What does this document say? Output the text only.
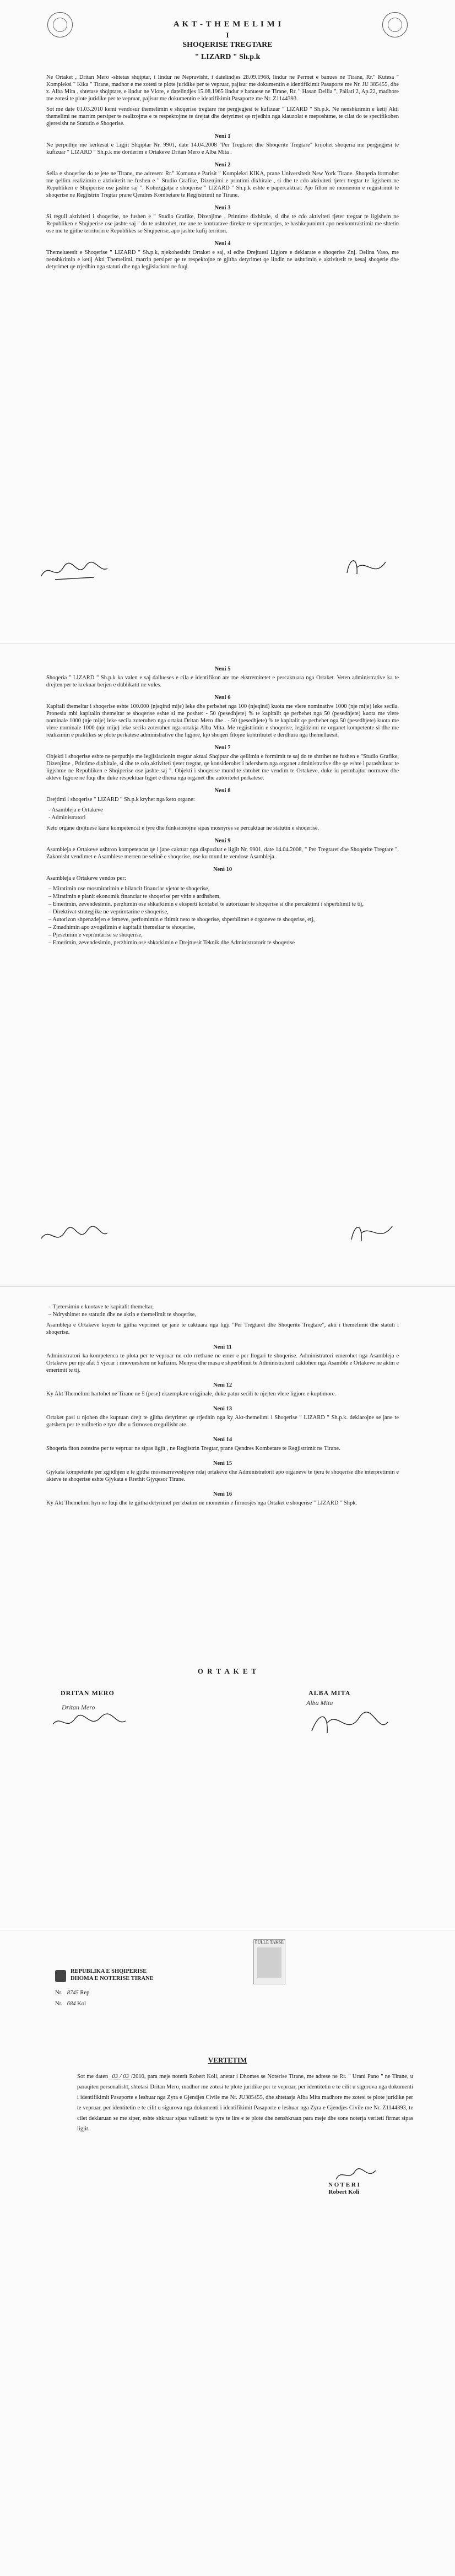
A K T - T H E M E L I M I
I
SHOQERISE TREGTARE
" LIZARD " Sh.p.k

Ne Ortaket , Dritan Mero -shtetas shqiptar, i lindur ne Nepravisht, i datelindjes 28.09.1968, lindur ne Permet e banues ne Tirane, Rr." Kutesa " Kompleksi " Kika " Tirane, madhor e me zotesi te plote juridike per te vepruar, pajisur me dokumentin e identifikimit Pasaporte me Nr. JU 385455, dhe z. Alba Mita , shtetase shqiptare, e lindur ne Vlore, e datelindjes 15.08.1965 lindur e banuese ne Tirane, Rr. " Hasan Dellia ", Pallati 2, Ap.22, madhore me zotesi te plote juridike per te vepruar, pajisur me dokumentin e identifikimit Pasaporte me Nr. Z1144393.

Sot me date 01.03.2010 kemi vendosur themelimin e shoqerise tregtare me pergjegjesi te kufizuar " LIZARD " Sh.p.k. Ne nenshkrimin e ketij Akti themelimi ne marrim persiper te realizojme e te respektojme te drejtat dhe detyrimet qe rrjedhin nga klauzolat e meposhtme, te cilat do te specifikohen gjeresisht ne Statutin e Shoqerise.

Neni 1

Ne perputhje me kerkesat e Ligjit Shqiptar Nr. 9901, date 14.04.2008 "Per Tregtaret dhe Shoqerite Tregtare" krijohet shoqeria me pergjegjesi te kufizuar " LIZARD " Sh.p.k me dorderim e Ortakeve Dritan Mero e Alba Mita .

Neni 2

Selia e shoqerise do te jete ne Tirane, me adresen: Rr." Komuna e Parisit " Kompleksi KIKA, prane Universitetit New York Tirane. Shoqeria formohet me qellim realizimin e aktivitetit ne fushen e " Studio Grafike, Dizenjimi e printimi dixhitale , si dhe te cdo aktiviteti tjeter tregtar te ligjshem ne Republiken e Shqiperise ose jashte saj ". Kohezgjatja e shoqerise " LIZARD " Sh.p.k eshte e papercaktuar. Ajo fillon ne momentin e regjistrimit te shoqerise ne Regjistrin Tregtar prane Qendres Kombetare te Regjistrimit ne Tirane.

Neni 3

Si regull aktiviteti i shoqerise, ne fushen e " Studio Grafike, Dizenjime , Printime dixhitale, si dhe te cdo aktiviteti tjeter tregtar te ligjshem ne Republiken e Shqiperise ose jashte saj " do te ushtrohet, me ane te kontratave direkte te sipermarrjes, te bashkepunimit apo nenkontraktimit me shtetin ose me te gjithe territorin e Republikes se Shqiperise, apo jashte kufij territori.

Neni 4

Themelueesit e Shoqerise " LIZARD " Sh.p.k, njekohesisht Ortaket e saj, si edhe Drejtuesi Ligjore e deklarate e shoqerise Znj. Delina Vaso, me nenshkrimin e ketij Akti Themelimi, marrin persiper qe te respektojne te gjitha detyrimet qe lindin ne ushtrimin e aktivitetit te kesaj shoqerie dhe detyrimet qe rrjedhin nga statuti dhe nga legjislacioni ne fuqi.

Neni 5

Shoqeria " LIZARD " Sh.p.k ka valen e saj dallueses e cila e identifikon ate me ekstremitetet e percaktuara nga Ortaket. Veten administrative ka te drejten per te krekuar berjen e dublikatit ne vules.

Neni 6

Kapitali themeltar i shoqerise eshte 100.000 (njeqind mije) leke dhe perbehet nga 100 (njeqind) kuota me vlere nominative 1000 (nje mije) leke secila. Pronesia mbi kapitalin themeltar te shoqerise eshte si me poshte: - 50 (pesedhjete) % te kapitalit qe perbehet nga 50 (pesedhjete) kuota me vlere nominale 1000 (nje mije) leke secila zoteruhen nga ortaku Dritan Mero dhe . - 50 (pesedhjete) % te kapitalit qe perbehet nga 50 (pesedhjete) kuota me vlere nominale 1000 (nje mije) leke secila zoteruhen nga ortakja Alba Mita. Me regjistrimin e shoqerise, legjitizimi ne organet kompetente si dhe me realizimin e praktikes se plote perkatese administrative dhe ligjore, kjo shoqeri fitojne kontributet e derdhura nga themelluesit.

Neni 7

Objekti i shoqerise eshte ne perputhje me legjislacionin tregtar aktual Shqiptar dhe qellimin e formimit te saj do te shtrihet ne fushen e "Studio Grafike, Dizenjime , Printime dixhitale, si dhe te cdo aktiviteti tjeter tregtar, qe konsiderohet i ndershem nga organet administrative dhe qe eshte i parashikuar te ligjshme ne Republiken e Shqiperise ose jashte saj ". Objekti i shoqerise mund te shtohet me vendim te Ortakeve, duke iu permbajtur normave dhe akteve ligjore ne fuqi dhe duke respektuar ligjet e dhena nga organet dhe autoritetet perkatese.

Neni 8

Drejtimi i shoqerise " LIZARD " Sh.p.k kryhet nga keto organe:

- Asambleja e Ortakeve
- Administratori

Keto organe drejtuese kane kompetencat e tyre dhe funksionojne sipas mosnyres se percaktuar ne statutin e shoqerise.

Neni 9

Asambleja e Ortakeve ushtron kompetencat qe i jane caktuar nga dispozitat e ligjit Nr. 9901, date 14.04.2008, " Per Tregtaret dhe Shoqerite Tregtare ". Zakonisht vendimet e Asamblese merren ne selinë e shoqerise, ose ku mund te vendose Asambleja.

Neni 10

Asambleja e Ortakeve vendos per:

– Miratimin ose mosmiratimin e bilancit financiar vjetor te shoqerise,
– Miratimin e planit ekonomik financiar te shoqerise per vitin e ardhshem,
– Emerimin, zevendesimin, perzhimin ose shkarkimin e eksperti kontabel te autorizuar te shoqerise si dhe percaktimi i shperblimit te tij,
– Direktivat strategjike ne veprimtarine e shoqerise,
– Autorizon shpenzdejen e femeve, perfomimin e fitimit neto te shoqerise, shperblimet e organeve te shoqerise, etj,
– Zmadhimin apo zvogelimin e kapitalit themeltar te shoqerise,
– Pjesetimin e veprimtarise se shoqerise,
– Emerimin, zevendesimin, perzhimin ose shkarkimin e Drejtuesit Teknik dhe Administratorit te shoqerise
– Tjetersimin e kuotave te kapitalit themeltar,
– Ndryshimet ne statutin dhe ne aktin e themelimit te shoqerise,

Asambleja e Ortakeve kryen te gjitha veprimet qe jane te caktuara nga ligji "Per Tregtaret dhe Shoqerite Tregtare", akti i themelimit dhe statuti i shoqerise.

Neni 11

Administratori ka kompetenca te plota per te vepruar ne cdo rrethane ne emer e per llogari te shoqerise. Administratori emerohet nga Asambleja e Ortakeve per nje afat 5 vjecar i rinovueshem ne kufizim. Menyra dhe masa e shperblimit te Administratorit caktohen nga Asamble e Ortakeve ne aktin e emerimit te tij.

Neni 12

Ky Akt Themelimi hartohet ne Tirane ne 5 (pese) ekzemplare origjinale, duke patur secili te njejten vlere ligjore e kuptimore.

Neni 13

Ortaket pasi u njohen dhe kuptuan drejt te gjitha detyrimet qe rrjedhin nga ky Akt-themelimi i Shoqerise " LIZARD " Sh.p.k. deklarojne se jane te gatshem per te vullnetin e tyre dhe u firmosen rregullisht ate.

Neni 14

Shoqeria fiton zotesine per te vepruar ne sipas ligjit , ne Regjistrin Tregtar, prane Qendres Kombetare te Regjistrimit ne Tirane.

Neni 15

Gjykata kompetente per zgjidhjen e te gjitha mosmarreveshjeve ndaj ortakeve dhe Administratorit apo organeve te tjera te shoqerise dhe interpretimin e akteve te shoqerise eshte Gjykata e Rrethit Gjyqesor Tirane.

Neni 16

Ky Akt Themelimi hyn ne fuqi dhe te gjitha detyrimet per zbatim ne momentin e firmosjes nga Ortaket e shoqerise " LIZARD " Shpk.

O R T A K E T
DRITAN MERO	ALBA MITA
Dritan Mero
Alba Mita
PULLE TAKSE
REPUBLIKA E SHQIPERISE
DHOMA E NOTERISE TIRANE
Nr. 8745 Rep
Nr. 684 Kol
VERTETIM
Sot me daten 03 / 03 /2010, para meje noterit Robert Koli, anetar i Dhomes se Noterise Tirane, me adrese ne Rr. " Urani Pano " ne Tirane, u paraqiten personalisht, shtetasi Dritan Mero, madhor me zotesi te plote juridike per te vepruar, per identitetin e te cilit u sigurova nga dokumenti i identifikimit Pasaporte e leshuar nga Zyra e Gjendjes Civile me Nr. JU385455, dhe shtetasja Alba Mita madhore me zotesi te plote juridike per te vepruar, per identitetin e te cilit u sigurova nga dokumenti i identifikimit Pasaporte e leshuar nga Zyra e Gjendjes Civile me Nr. Z1144393, te cilet deklaruan se me siper, eshte shkruar sipas vullnetit te tyre te lire e te plote dhe nenshkruan para meje dhe sone noterja veriteti firmat sipas ligjit.
N O T E R I
Robert Koli
